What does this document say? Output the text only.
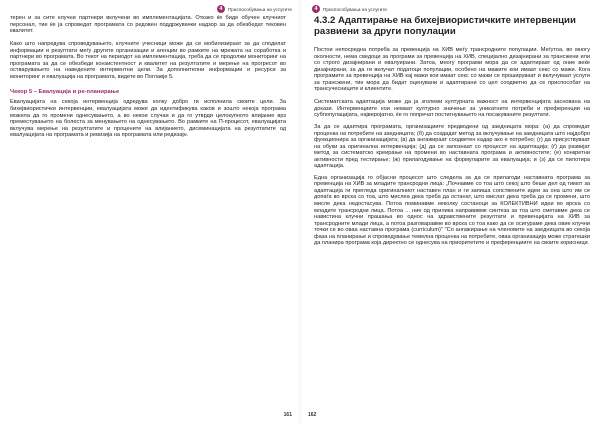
4	Приспособувања на услугите

терен и за сите клучни партнери вклучени во имплементацијата. Откако ќе биде обучен клучниот персонал, тие ќе ја спроведат програмата со редовен поддржувачки надзор за да обезбедат тековен квалитет.

Како што напредува спроведувањето, клучните учесници може да се мобилизираат за да споделат информации и резултати меѓу другите организации и агенции во рамките на мрежата на соработка и партнери во програмата. Во текот на периодот на имплементација, треба да се продолжи мониторинг на програмата за да се обезбеди конзистентност и квалитет на резултатите и мерење на прогресот во остварувањето на наведените интервентни цели. За дополнителни информации и ресурси за мониторинг и евалуација на програмата, видете во Поглавје 5.

Чекор 5 – Евалуација и ре-планирање

Евалуацијата на секоја интервенција одредува колку добро ги исполнила своите цели. За бихејвиористички интервенции, евалуацијата може да идентификува каков и зошто некоја програма можела да го промени однесувањето, а во некои случаи и да го утврди целокупното влијание врз преместувањето на болеста за менувањето на однесувањето. Во рамките на П-процесот, евалуацијата вклучува мерење на резултатите и процените на влијанието, дисеминацијата на резултатите од евалуацијата на програмата и ревизија на програмата или редизајн.

161
4	Приспособувања на услугите
4.3.2 Адаптирање на бихејвиористичките интервенции развиени за други популации

Постои непосредна потреба за превенција на ХИВ меѓу трансродните популации. Меѓутоа, во многу околности, нема сведоци за програми за превенција на ХИВ, специјално дизајнирани за трансжени или со строго дизајнирани и евалуирани. Затоа, многу програми мора да се адаптираат од оние веќе дизајнирани, за да ги вклучат податоци популации, особено на мажите кои имаат секс со мажи. Кога програмите за превенција на ХИВ кај мажи кои имаат секс со мажи се прошируваат и вклучуваат услуги за трансжени, тие мора да бидат оценувани и адаптирани со цел соодветно да се приспособат на трансучесниците и клиентите.

Систематската адаптација може да ја зголеми културната важност на интервенцијата заснована на докази. Интервенциите кои немаат културно значење за уникатните потреби и преференции на субпопулацијата, најверојатно, ќе го попречат постигнувањето на посакуваните резултати.

За да се адаптира програмата, организациите предводени од заедницата мора: (а) да спроведат проценка на потребите на заедницата; (б) да создадат метод за вклучување на заедницата што најдобро функционира за организацијата; (в) да ангажираат соодветен кадар ако е потребно; (г) да присуствуваат на обуки за оригинална интервенција; (д) да се запознаат со процесот на адаптација; (ѓ) да развијат метод за систематско креирање на промени во наставната програма и активностите; (е) конкретни активности пред тестирање; (ж) прилагодување на формуларите за евалуација; и (з) да се пилотира адаптација.

Една организација го објасни процесот што следела за да се прилагоди наставната програма за превенција на ХИВ за младите трансродни лица: „Почнавме со тоа што секој што беше дел од тимот за адаптација ги прегледа оригиналниот наставен план и ги запиша сопствените идеи за она што им се допаѓа во врска со тоа, што мислеа дека треба да останат, што мислат дека треба да се промени, што мисле дека недостасува. Потоа поминавме неколку состаноци за КОЛЕКТИВНИ идеи во врска со младите трансродни лица. Потоа ... ние од приликa направивме синтеза за тоа што сметавме дека се навистина клучни прашања во однос на здравствените резултати и превенцијата на ХИВ за трансродните млади лица, а потоа разговаравме во врска со тоа како да се осигураме дека овие клучни точки се во оваа наставна програма (curriculum)" "Со ангажирање на членовите на заедницата во секоја фаза на планирање и спроведување темелна проценка на потребите, оваа организација може стратешки да планира програма која директно се однесува на приоритетите и преференциите на своите корисници.

162
